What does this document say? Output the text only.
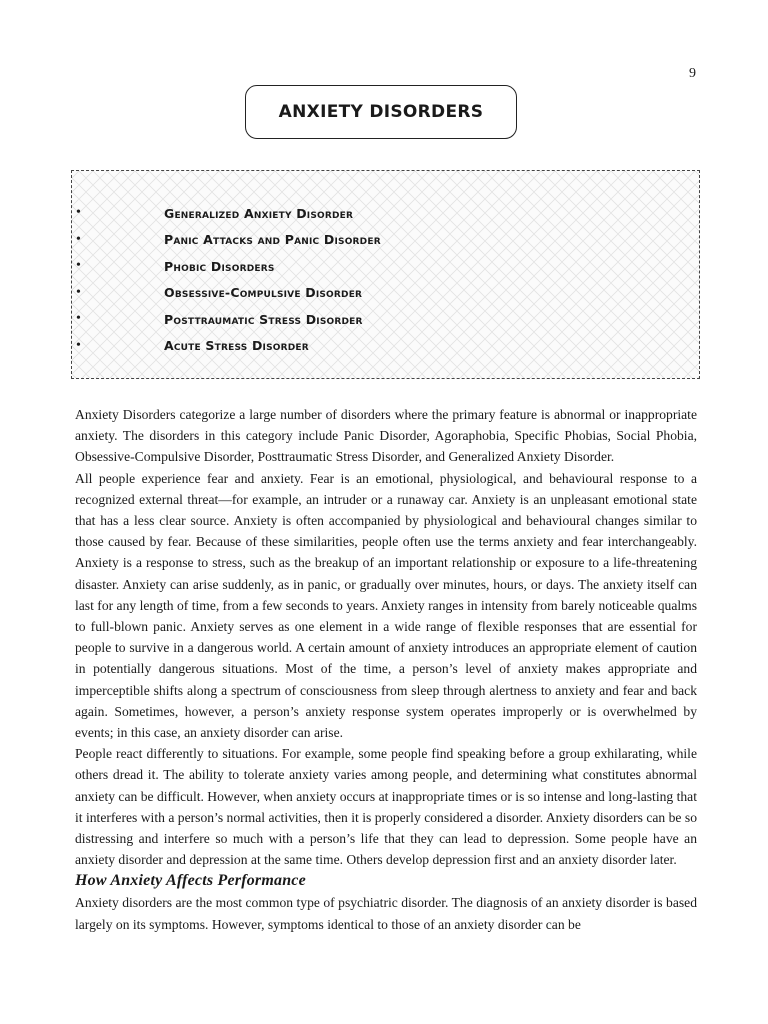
9
ANXIETY DISORDERS
•	Generalized Anxiety Disorder
•	Panic Attacks and Panic Disorder
•	Phobic Disorders
•	Obsessive-Compulsive Disorder
•	Posttraumatic Stress Disorder
•	Acute Stress Disorder

Anxiety Disorders categorize a large number of disorders where the primary feature is abnormal or inappropriate anxiety. The disorders in this category include Panic Disorder, Agoraphobia, Specific Phobias, Social Phobia, Obsessive-Compulsive Disorder, Posttraumatic Stress Disorder, and Generalized Anxiety Disorder.

All people experience fear and anxiety. Fear is an emotional, physiological, and behavioural response to a recognized external threat—for example, an intruder or a runaway car. Anxiety is an unpleasant emotional state that has a less clear source. Anxiety is often accompanied by physiological and behavioural changes similar to those caused by fear. Because of these similarities, people often use the terms anxiety and fear interchangeably. Anxiety is a response to stress, such as the breakup of an important relationship or exposure to a life-threatening disaster. Anxiety can arise suddenly, as in panic, or gradually over minutes, hours, or days. The anxiety itself can last for any length of time, from a few seconds to years. Anxiety ranges in intensity from barely noticeable qualms to full-blown panic. Anxiety serves as one element in a wide range of flexible responses that are essential for people to survive in a dangerous world. A certain amount of anxiety introduces an appropriate element of caution in potentially dangerous situations. Most of the time, a person’s level of anxiety makes appropriate and imperceptible shifts along a spectrum of consciousness from sleep through alertness to anxiety and fear and back again. Sometimes, however, a person’s anxiety response system operates improperly or is overwhelmed by events; in this case, an anxiety disorder can arise.

People react differently to situations. For example, some people find speaking before a group exhilarating, while others dread it. The ability to tolerate anxiety varies among people, and determining what constitutes abnormal anxiety can be difficult. However, when anxiety occurs at inappropriate times or is so intense and long-lasting that it interferes with a person’s normal activities, then it is properly considered a disorder. Anxiety disorders can be so distressing and interfere so much with a person’s life that they can lead to depression. Some people have an anxiety disorder and depression at the same time. Others develop depression first and an anxiety disorder later.

How Anxiety Affects Performance

Anxiety disorders are the most common type of psychiatric disorder. The diagnosis of an anxiety disorder is based largely on its symptoms. However, symptoms identical to those of an anxiety disorder can be
